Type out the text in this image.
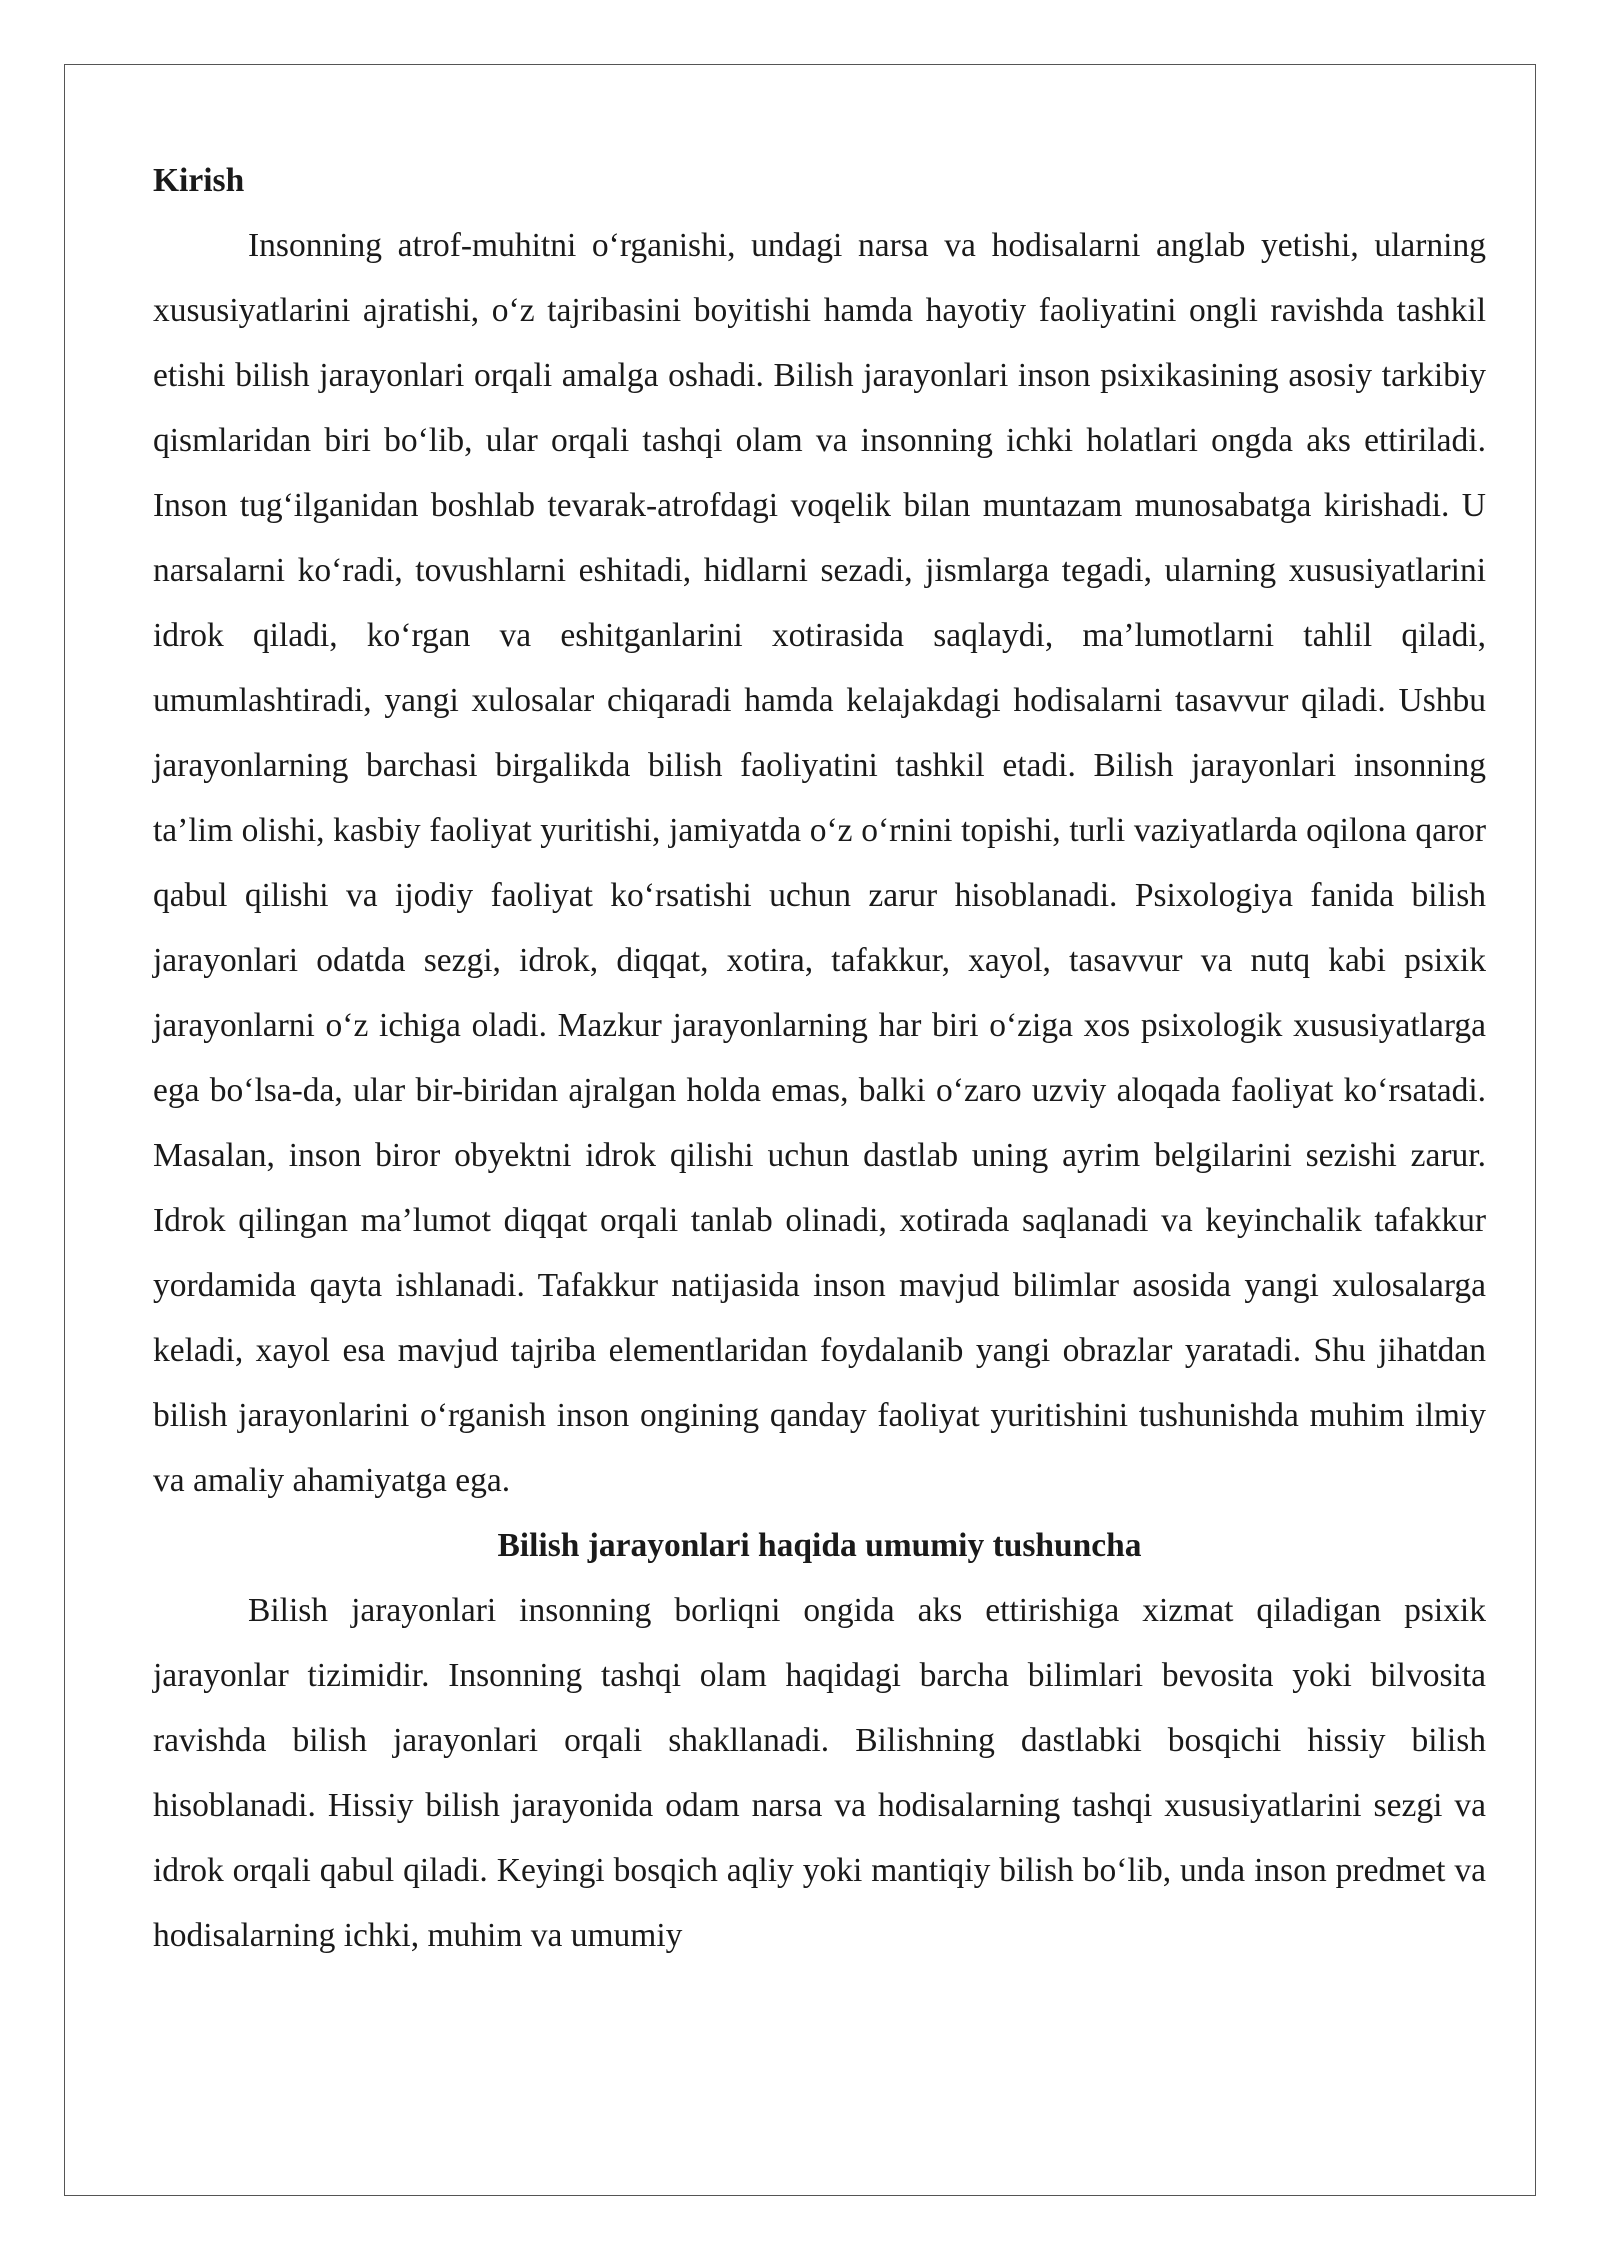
Kirish

Insonning atrof-muhitni o‘rganishi, undagi narsa va hodisalarni anglab yetishi, ularning xususiyatlarini ajratishi, o‘z tajribasini boyitishi hamda hayotiy faoliyatini ongli ravishda tashkil etishi bilish jarayonlari orqali amalga oshadi. Bilish jarayonlari inson psixikasining asosiy tarkibiy qismlaridan biri bo‘lib, ular orqali tashqi olam va insonning ichki holatlari ongda aks ettiriladi. Inson tug‘ilganidan boshlab tevarak-atrofdagi voqelik bilan muntazam munosabatga kirishadi. U narsalarni ko‘radi, tovushlarni eshitadi, hidlarni sezadi, jismlarga tegadi, ularning xususiyatlarini idrok qiladi, ko‘rgan va eshitganlarini xotirasida saqlaydi, ma’lumotlarni tahlil qiladi, umumlashtiradi, yangi xulosalar chiqaradi hamda kelajakdagi hodisalarni tasavvur qiladi. Ushbu jarayonlarning barchasi birgalikda bilish faoliyatini tashkil etadi. Bilish jarayonlari insonning ta’lim olishi, kasbiy faoliyat yuritishi, jamiyatda o‘z o‘rnini topishi, turli vaziyatlarda oqilona qaror qabul qilishi va ijodiy faoliyat ko‘rsatishi uchun zarur hisoblanadi. Psixologiya fanida bilish jarayonlari odatda sezgi, idrok, diqqat, xotira, tafakkur, xayol, tasavvur va nutq kabi psixik jarayonlarni o‘z ichiga oladi. Mazkur jarayonlarning har biri o‘ziga xos psixologik xususiyatlarga ega bo‘lsa-da, ular bir-biridan ajralgan holda emas, balki o‘zaro uzviy aloqada faoliyat ko‘rsatadi. Masalan, inson biror obyektni idrok qilishi uchun dastlab uning ayrim belgilarini sezishi zarur. Idrok qilingan ma’lumot diqqat orqali tanlab olinadi, xotirada saqlanadi va keyinchalik tafakkur yordamida qayta ishlanadi. Tafakkur natijasida inson mavjud bilimlar asosida yangi xulosalarga keladi, xayol esa mavjud tajriba elementlaridan foydalanib yangi obrazlar yaratadi. Shu jihatdan bilish jarayonlarini o‘rganish inson ongining qanday faoliyat yuritishini tushunishda muhim ilmiy va amaliy ahamiyatga ega.

Bilish jarayonlari haqida umumiy tushuncha

Bilish jarayonlari insonning borliqni ongida aks ettirishiga xizmat qiladigan psixik jarayonlar tizimidir. Insonning tashqi olam haqidagi barcha bilimlari bevosita yoki bilvosita ravishda bilish jarayonlari orqali shakllanadi. Bilishning dastlabki bosqichi hissiy bilish hisoblanadi. Hissiy bilish jarayonida odam narsa va hodisalarning tashqi xususiyatlarini sezgi va idrok orqali qabul qiladi. Keyingi bosqich aqliy yoki mantiqiy bilish bo‘lib, unda inson predmet va hodisalarning ichki, muhim va umumiy
